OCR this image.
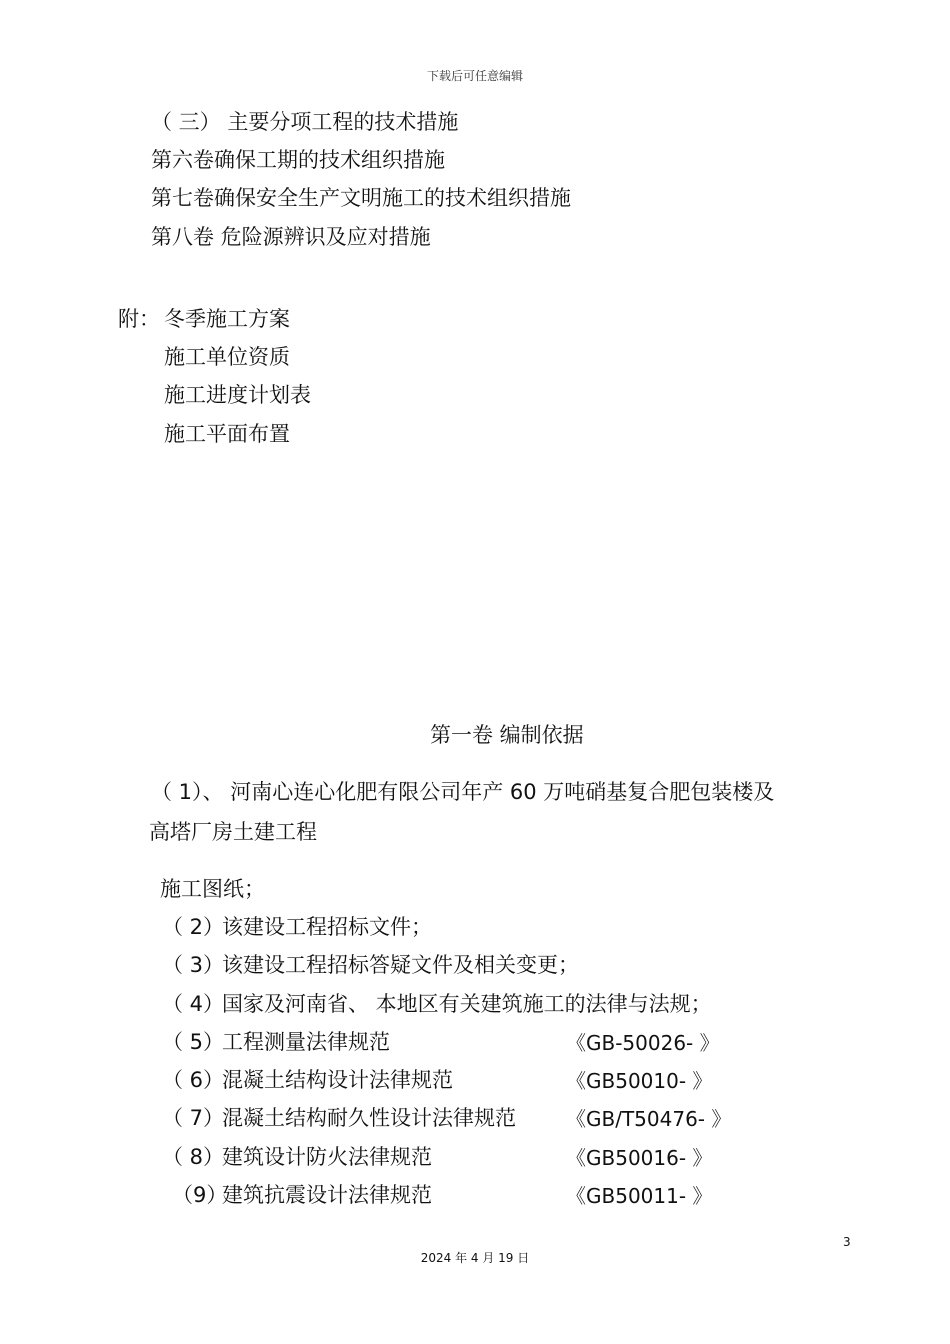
下载后可任意编辑
（ 三） 主要分项工程的技术措施
第六卷确保工期的技术组织措施
第七卷确保安全生产文明施工的技术组织措施
第八卷 危险源辨识及应对措施
附： 冬季施工方案
施工单位资质
施工进度计划表
施工平面布置
第一卷 编制依据
（ 1）、 河南心连心化肥有限公司年产 60 万吨硝基复合肥包装楼及
高塔厂房土建工程
施工图纸；
（ 2）
该建设工程招标文件；
（ 3）
该建设工程招标答疑文件及相关变更；
（ 4）
国家及河南省、 本地区有关建筑施工的法律与法规；
（ 5）
工程测量法律规范	《GB-50026- 》
（ 6）
混凝土结构设计法律规范	《GB50010- 》
（ 7）
混凝土结构耐久性设计法律规范	《GB/T50476- 》
（ 8）
建筑设计防火法律规范	《GB50016- 》
（9）
建筑抗震设计法律规范	《GB50011- 》
3
2024 年 4 月 19 日
